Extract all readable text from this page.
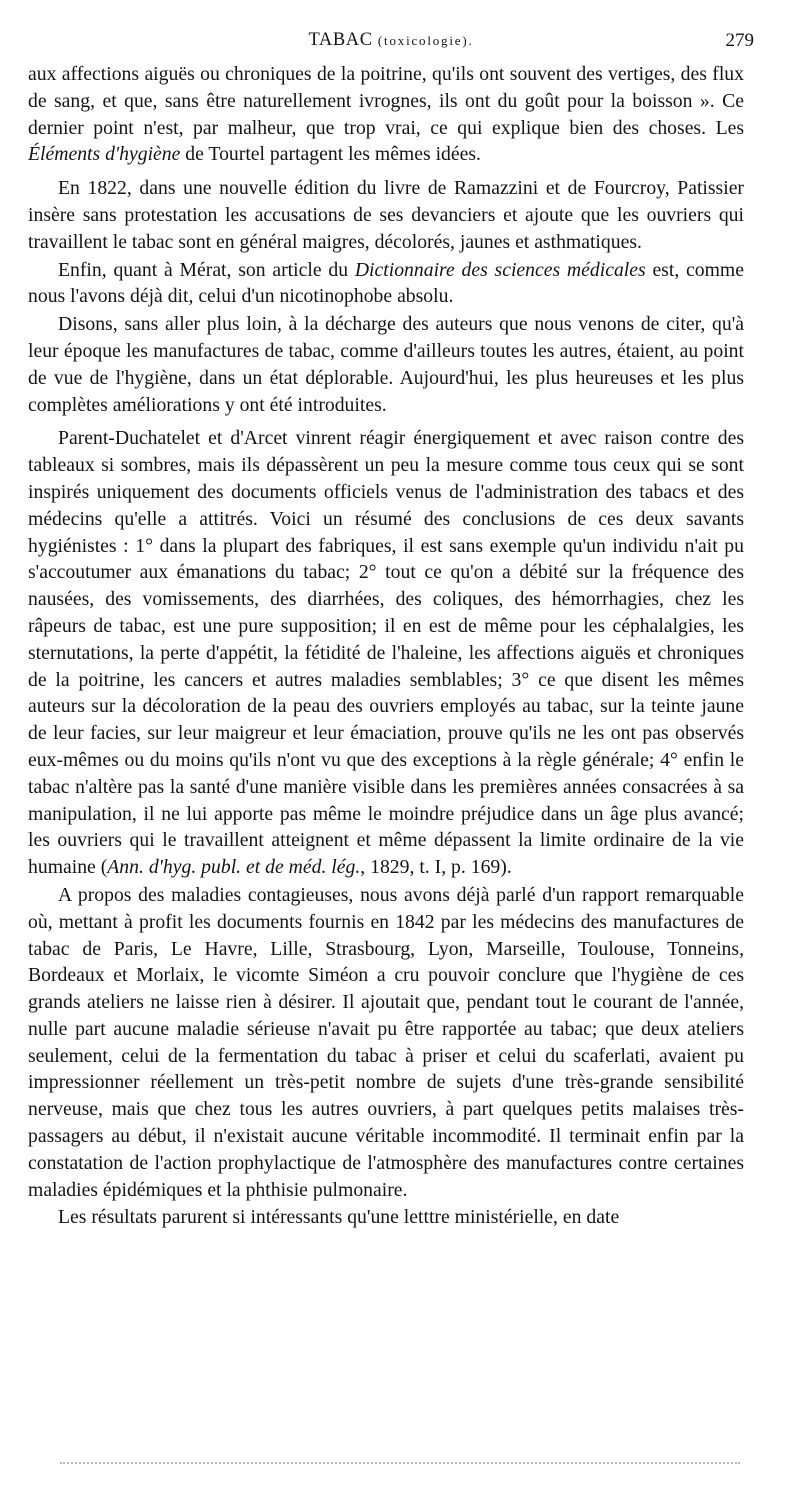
TABAC (toxicologie).	279

aux affections aiguës ou chroniques de la poitrine, qu'ils ont souvent des vertiges, des flux de sang, et que, sans être naturellement ivrognes, ils ont du goût pour la boisson ». Ce dernier point n'est, par malheur, que trop vrai, ce qui explique bien des choses. Les Éléments d'hygiène de Tourtel partagent les mêmes idées.

En 1822, dans une nouvelle édition du livre de Ramazzini et de Fourcroy, Patissier insère sans protestation les accusations de ses devanciers et ajoute que les ouvriers qui travaillent le tabac sont en général maigres, décolorés, jaunes et asthmatiques.

Enfin, quant à Mérat, son article du Dictionnaire des sciences médicales est, comme nous l'avons déjà dit, celui d'un nicotinophobe absolu.

Disons, sans aller plus loin, à la décharge des auteurs que nous venons de citer, qu'à leur époque les manufactures de tabac, comme d'ailleurs toutes les autres, étaient, au point de vue de l'hygiène, dans un état déplorable. Aujourd'hui, les plus heureuses et les plus complètes améliorations y ont été introduites.

Parent-Duchatelet et d'Arcet vinrent réagir énergiquement et avec raison contre des tableaux si sombres, mais ils dépassèrent un peu la mesure comme tous ceux qui se sont inspirés uniquement des documents officiels venus de l'administration des tabacs et des médecins qu'elle a attitrés. Voici un résumé des conclusions de ces deux savants hygiénistes : 1° dans la plupart des fabriques, il est sans exemple qu'un individu n'ait pu s'accoutumer aux émanations du tabac; 2° tout ce qu'on a débité sur la fréquence des nausées, des vomissements, des diarrhées, des coliques, des hémorrhagies, chez les râpeurs de tabac, est une pure supposition; il en est de même pour les céphalalgies, les sternutations, la perte d'appétit, la fétidité de l'haleine, les affections aiguës et chroniques de la poitrine, les cancers et autres maladies semblables; 3° ce que disent les mêmes auteurs sur la décoloration de la peau des ouvriers employés au tabac, sur la teinte jaune de leur facies, sur leur maigreur et leur émaciation, prouve qu'ils ne les ont pas observés eux-mêmes ou du moins qu'ils n'ont vu que des exceptions à la règle générale; 4° enfin le tabac n'altère pas la santé d'une manière visible dans les premières années consacrées à sa manipulation, il ne lui apporte pas même le moindre préjudice dans un âge plus avancé; les ouvriers qui le travaillent atteignent et même dépassent la limite ordinaire de la vie humaine (Ann. d'hyg. publ. et de méd. lég., 1829, t. I, p. 169).

A propos des maladies contagieuses, nous avons déjà parlé d'un rapport remarquable où, mettant à profit les documents fournis en 1842 par les médecins des manufactures de tabac de Paris, Le Havre, Lille, Strasbourg, Lyon, Marseille, Toulouse, Tonneins, Bordeaux et Morlaix, le vicomte Siméon a cru pouvoir conclure que l'hygiène de ces grands ateliers ne laisse rien à désirer. Il ajoutait que, pendant tout le courant de l'année, nulle part aucune maladie sérieuse n'avait pu être rapportée au tabac; que deux ateliers seulement, celui de la fermentation du tabac à priser et celui du scaferlati, avaient pu impressionner réellement un très-petit nombre de sujets d'une très-grande sensibilité nerveuse, mais que chez tous les autres ouvriers, à part quelques petits malaises très-passagers au début, il n'existait aucune véritable incommodité. Il terminait enfin par la constatation de l'action prophylactique de l'atmosphère des manufactures contre certaines maladies épidémiques et la phthisie pulmonaire.

Les résultats parurent si intéressants qu'une letttre ministérielle, en date
